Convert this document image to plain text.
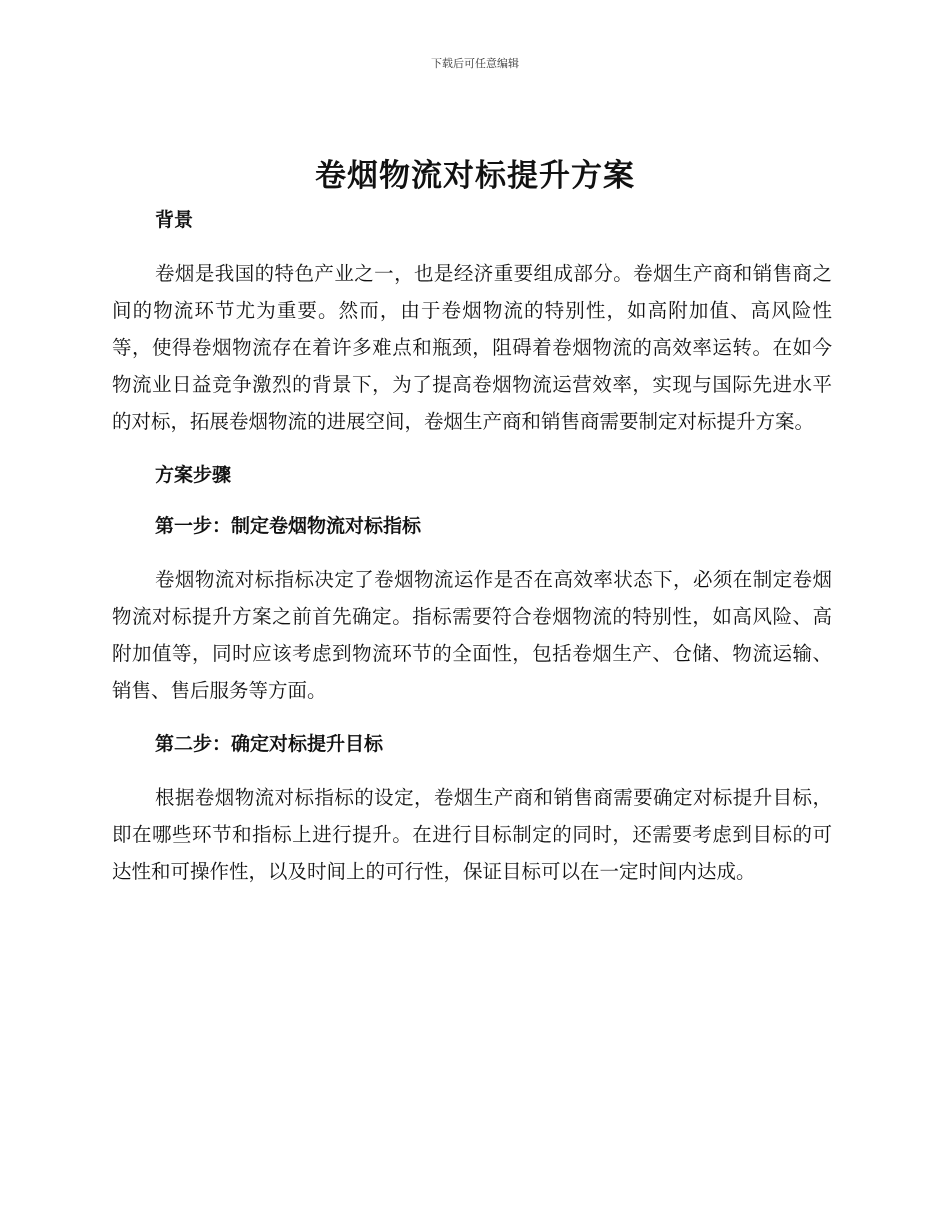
下载后可任意编辑
卷烟物流对标提升方案
背景

卷烟是我国的特色产业之一，也是经济重要组成部分。卷烟生产商和销售商之间的物流环节尤为重要。然而，由于卷烟物流的特别性，如高附加值、高风险性等，使得卷烟物流存在着许多难点和瓶颈，阻碍着卷烟物流的高效率运转。在如今物流业日益竞争激烈的背景下，为了提高卷烟物流运营效率，实现与国际先进水平的对标，拓展卷烟物流的进展空间，卷烟生产商和销售商需要制定对标提升方案。

方案步骤
第一步：制定卷烟物流对标指标

卷烟物流对标指标决定了卷烟物流运作是否在高效率状态下，必须在制定卷烟物流对标提升方案之前首先确定。指标需要符合卷烟物流的特别性，如高风险、高附加值等，同时应该考虑到物流环节的全面性，包括卷烟生产、仓储、物流运输、销售、售后服务等方面。

第二步：确定对标提升目标

根据卷烟物流对标指标的设定，卷烟生产商和销售商需要确定对标提升目标，即在哪些环节和指标上进行提升。在进行目标制定的同时，还需要考虑到目标的可达性和可操作性，以及时间上的可行性，保证目标可以在一定时间内达成。
